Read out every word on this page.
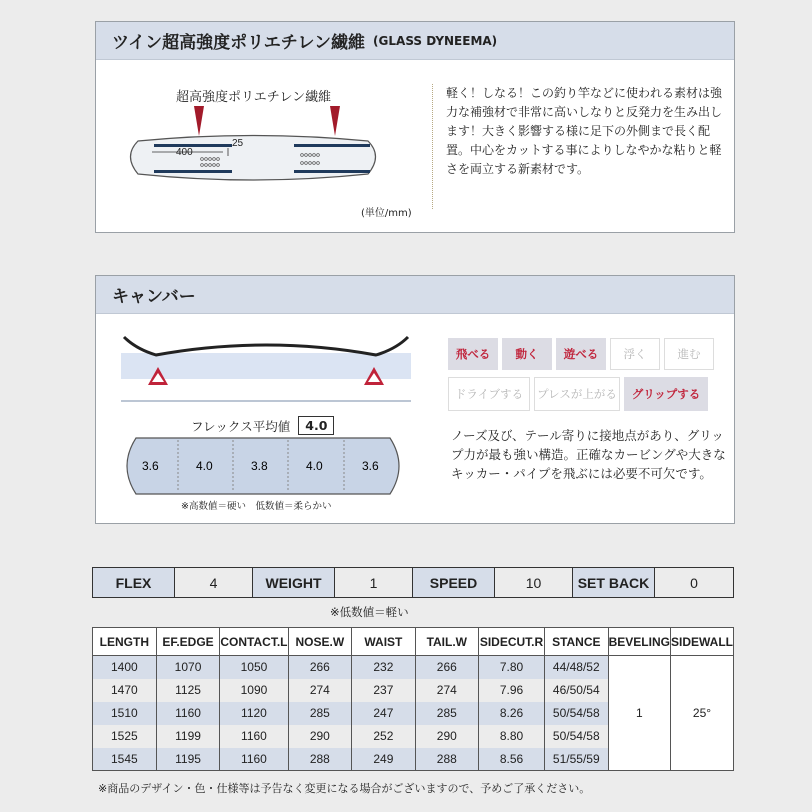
ツイン超高強度ポリエチレン繊維 (GLASS DYNEEMA)
超高強度ポリエチレン繊維
400
25
(単位/mm)
軽く！しなる！この釣り竿などに使われる素材は強力な補強材で非常に高いしなりと反発力を生み出します！大きく影響する様に足下の外側まで長く配置。中心をカットする事によりしなやかな粘りと軽さを両立する新素材です。
キャンバー
フレックス平均値	4.0
3.6	4.0	3.8	4.0	3.6
※高数値＝硬い　低数値＝柔らかい
飛べる	動く	遊べる	浮く	進む
ドライブする	プレスが上がる	グリップする
ノーズ及び、テール寄りに接地点があり、グリップ力が最も強い構造。正確なカービングや大きなキッカー・パイプを飛ぶには必要不可欠です。
FLEX	4	WEIGHT	1	SPEED	10	SET BACK	0
※低数値＝軽い
LENGTH	EF.EDGE	CONTACT.L	NOSE.W	WAIST	TAIL.W	SIDECUT.R	STANCE	BEVELING	SIDEWALL
1400	1070	1050	266	232	266	7.80	44/48/52	1	25°
1470	1125	1090	274	237	274	7.96	46/50/54		
1510	1160	1120	285	247	285	8.26	50/54/58		
1525	1199	1160	290	252	290	8.80	50/54/58		
1545	1195	1160	288	249	288	8.56	51/55/59		
※商品のデザイン・色・仕様等は予告なく変更になる場合がございますので、予めご了承ください。
